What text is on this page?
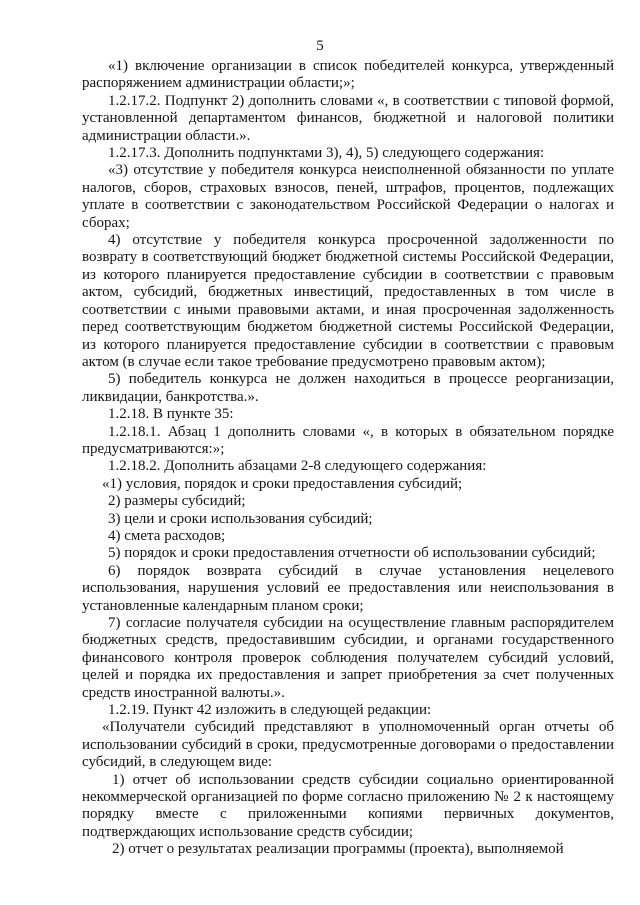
5

«1) включение организации в список победителей конкурса, утвержденный распоряжением администрации области;»;

1.2.17.2. Подпункт 2) дополнить словами «, в соответствии с типовой формой, установленной департаментом финансов, бюджетной и налоговой политики администрации области.».

1.2.17.3. Дополнить подпунктами 3), 4), 5) следующего содержания:

«3) отсутствие у победителя конкурса неисполненной обязанности по уплате налогов, сборов, страховых взносов, пеней, штрафов, процентов, подлежащих уплате в соответствии с законодательством Российской Федерации о налогах и сборах;

4) отсутствие у победителя конкурса просроченной задолженности по возврату в соответствующий бюджет бюджетной системы Российской Федерации, из которого планируется предоставление субсидии в соответствии с правовым актом, субсидий, бюджетных инвестиций, предоставленных в том числе в соответствии с иными правовыми актами, и иная просроченная задолженность перед соответствующим бюджетом бюджетной системы Российской Федерации, из которого планируется предоставление субсидии в соответствии с правовым актом (в случае если такое требование предусмотрено правовым актом);

5) победитель конкурса не должен находиться в процессе реорганизации, ликвидации, банкротства.».

1.2.18. В пункте 35:

1.2.18.1. Абзац 1 дополнить словами «, в которых в обязательном порядке предусматриваются:»;

1.2.18.2. Дополнить абзацами 2-8 следующего содержания:

«1) условия, порядок и сроки предоставления субсидий;

2) размеры субсидий;

3) цели и сроки использования субсидий;

4) смета расходов;

5) порядок и сроки предоставления отчетности об использовании субсидий;

6) порядок возврата субсидий в случае установления нецелевого использования, нарушения условий ее предоставления или неиспользования в установленные календарным планом сроки;

7) согласие получателя субсидии на осуществление главным распорядителем бюджетных средств, предоставившим субсидии, и органами государственного финансового контроля проверок соблюдения получателем субсидий условий, целей и порядка их предоставления и запрет приобретения за счет полученных средств иностранной валюты.».

1.2.19. Пункт 42 изложить в следующей редакции:

«Получатели субсидий представляют в уполномоченный орган отчеты об использовании субсидий в сроки, предусмотренные договорами о предоставлении субсидий, в следующем виде:

1) отчет об использовании средств субсидии социально ориентированной некоммерческой организацией по форме согласно приложению № 2 к настоящему порядку вместе с приложенными копиями первичных документов, подтверждающих использование средств субсидии;

2) отчет о результатах реализации программы (проекта), выполняемой
